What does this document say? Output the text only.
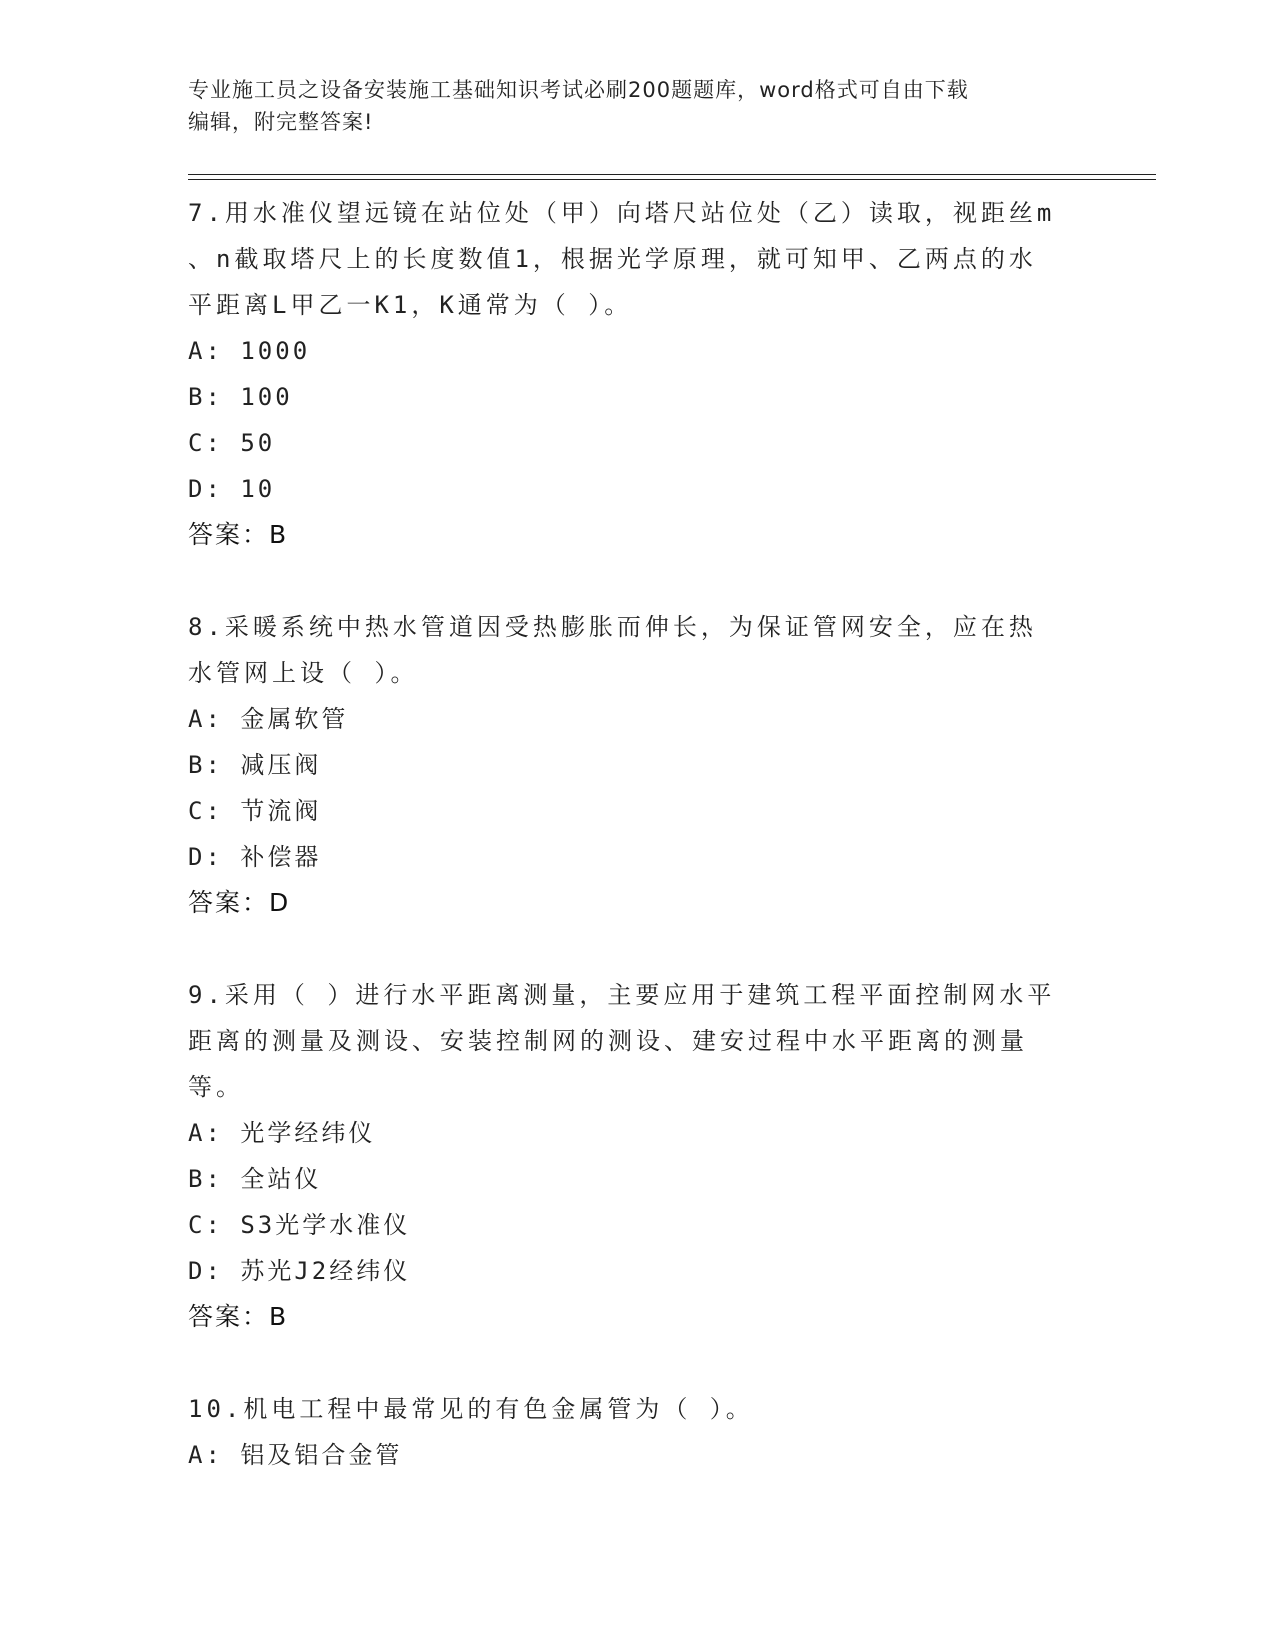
专业施工员之设备安装施工基础知识考试必刷200题题库，word格式可自由下载
编辑，附完整答案!

7.用水准仪望远镜在站位处（甲）向塔尺站位处（乙）读取，视距丝m

、n截取塔尺上的长度数值1，根据光学原理，就可知甲、乙两点的水

平距离L甲乙一K1，K通常为（ ）。

A: 1000

B: 100

C: 50

D: 10

答案：B

8.采暖系统中热水管道因受热膨胀而伸长，为保证管网安全，应在热

水管网上设（ ）。

A: 金属软管

B: 减压阀

C: 节流阀

D: 补偿器

答案：D

9.采用（ ）进行水平距离测量，主要应用于建筑工程平面控制网水平

距离的测量及测设、安装控制网的测设、建安过程中水平距离的测量

等。

A: 光学经纬仪

B: 全站仪

C: S3光学水准仪

D: 苏光J2经纬仪

答案：B

10.机电工程中最常见的有色金属管为（ ）。

A: 铝及铝合金管
